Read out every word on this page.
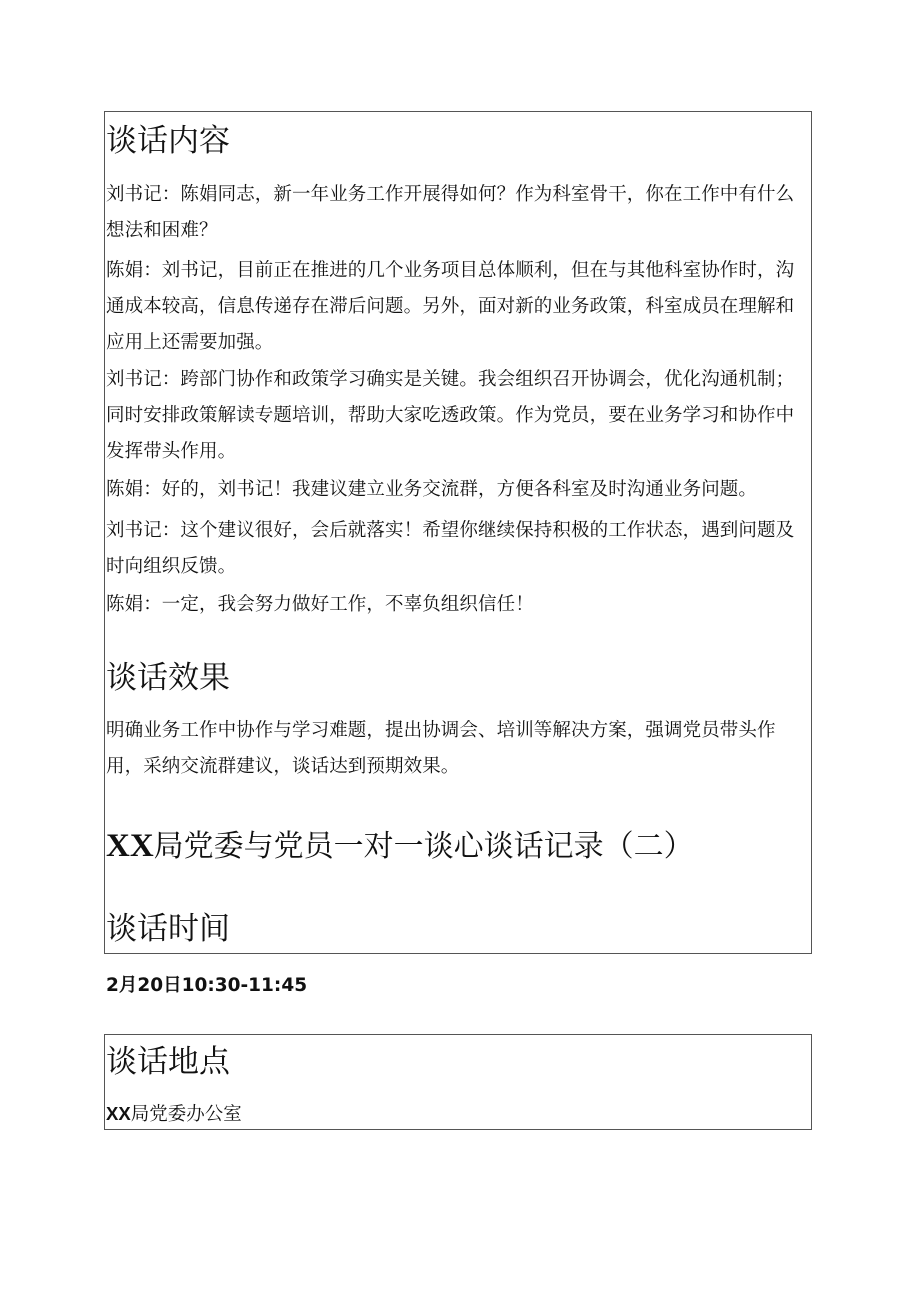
谈话内容

刘书记：陈娟同志，新一年业务工作开展得如何？作为科室骨干，你在工作中有什么想法和困难？

陈娟：刘书记，目前正在推进的几个业务项目总体顺利，但在与其他科室协作时，沟通成本较高，信息传递存在滞后问题。另外，面对新的业务政策，科室成员在理解和应用上还需要加强。

刘书记：跨部门协作和政策学习确实是关键。我会组织召开协调会，优化沟通机制；同时安排政策解读专题培训，帮助大家吃透政策。作为党员，要在业务学习和协作中发挥带头作用。

陈娟：好的，刘书记！我建议建立业务交流群，方便各科室及时沟通业务问题。

刘书记：这个建议很好，会后就落实！希望你继续保持积极的工作状态，遇到问题及时向组织反馈。

陈娟：一定，我会努力做好工作，不辜负组织信任！

谈话效果

明确业务工作中协作与学习难题，提出协调会、培训等解决方案，强调党员带头作用，采纳交流群建议，谈话达到预期效果。

XX局党委与党员一对一谈心谈话记录（二）
谈话时间

2月20日10:30-11:45

谈话地点

XX局党委办公室
